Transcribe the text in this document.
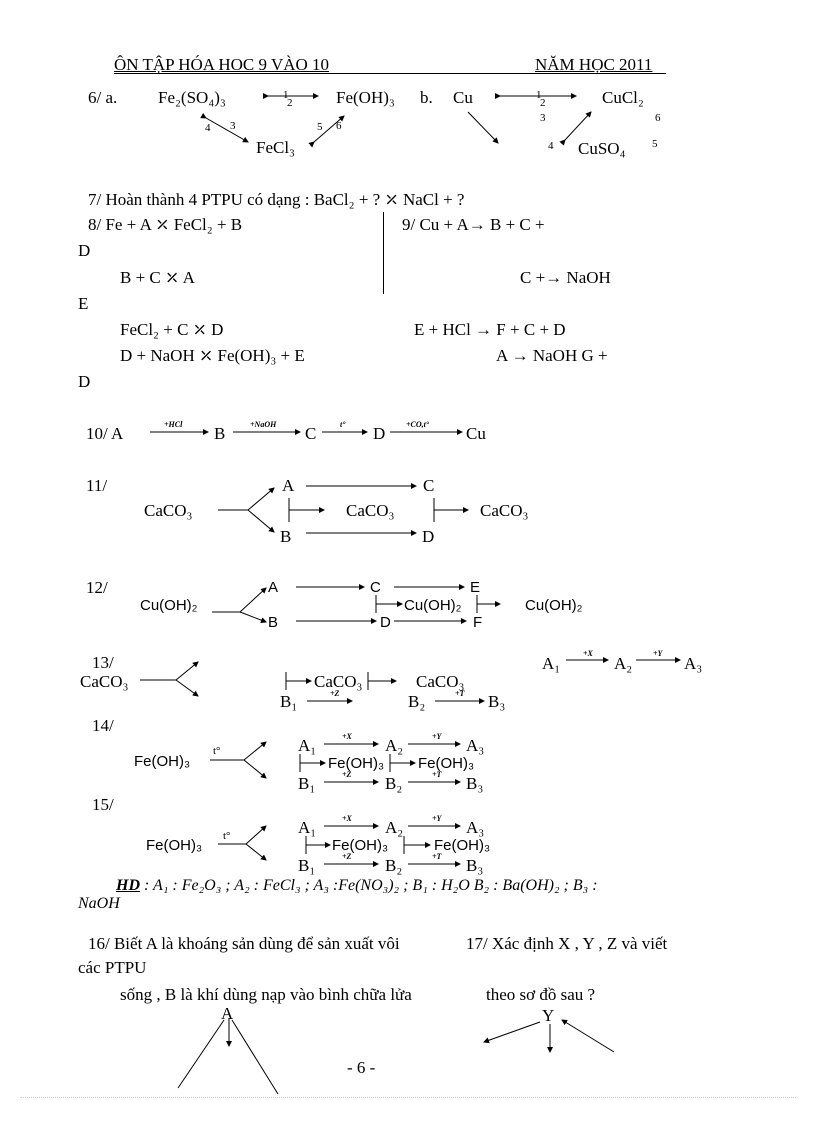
ÔN TẬP HÓA HOC 9 VÀO 10	NĂM HỌC 2011
6/ a. Fe₂(SO₄)₃	Fe(OH)₃ b. Cu	CuCl₂
FeCl₃	CuSO₄
1
2
4 3	5 6
1
2
3	6
4	5
7/ Hoàn thành 4 PTPU có dạng : BaCl₂ + ? ⤫ NaCl + ?
8/ Fe + A ⤫ FeCl₂ + B
D
B + C ⤫ A
E
FeCl₂ + C ⤫ D
D + NaOH ⤫ Fe(OH)₃ + E
D
9/ Cu + A→ B + C +
C +→ NaOH
E + HCl → F + C + D
A → NaOH G +
10/ A	B	C	D	Cu
+HCl	+NaOH	t°	+CO,t°
11/
CaCO₃
A	C
CaCO₃	CaCO₃
B	D
12/
Cu(OH)₂
A	C	E
Cu(OH)₂	Cu(OH)₂
B	D	F
13/
CaCO₃	CaCO₃	CaCO₃
B₁	B₂	B₃
+Z	+T
A₁	A₂	A₃
+X	+Y
14/
Fe(OH)₃
t°	A₁	A₂	A₃
Fe(OH)₃ Fe(OH)₃
B₁	B₂	B₃
+X	+Y
+Z	+T
15/
Fe(OH)₃
t°	A₁	A₂	A₃
Fe(OH)₃	Fe(OH)₃
B₁	B₂	B₃
+X	+Y
+Z	+T
HD : A₁ : Fe₂O₃ ; A₂ : FeCl₃ ; A₃ :Fe(NO₃)₂ ; B₁ : H₂O B₂ : Ba(OH)₂ ; B₃ :
NaOH
16/ Biết A là khoáng sản dùng để sản xuất vôi
các PTPU
sống , B là khí dùng nạp vào bình chữa lửa
A
17/ Xác định X , Y , Z và viết
theo sơ đồ sau ?
Y
- 6 -
